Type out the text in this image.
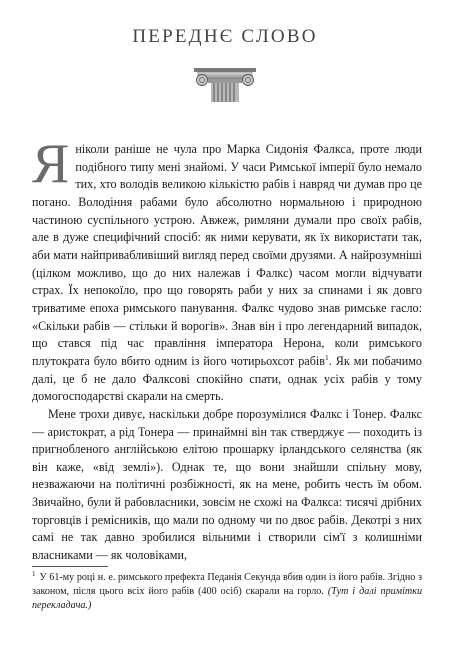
ПЕРЕДНЄ СЛОВО

Яніколи раніше не чула про Марка Сидонія Фалкса, проте люди подібного типу мені знайомі. У часи Римської імперії було немало тих, хто володів великою кількістю рабів і навряд чи думав про це погано. Володіння рабами було абсолютно нормальною і природною частиною суспільного устрою. Авжеж, римляни думали про своїх рабів, але в дуже специфічний спосіб: як ними керувати, як їх використати так, аби мати найпривабливіший вигляд перед своїми друзями. А найрозумніші (цілком можливо, що до них належав і Фалкс) часом могли відчувати страх. Їх непокоїло, про що говорять раби у них за спинами і як довго триватиме епоха римського панування. Фалкс чудово знав римське гасло: «Скільки рабів — стільки й ворогів». Знав він і про легендарний випадок, що стався під час правління імператора Нерона, коли римського плутократа було вбито одним із його чотирьохсот рабів$^1$. Як ми побачимо далі, це б не дало Фалксові спокійно спати, однак усіх рабів у тому домогосподарстві скарали на смерть.

Мене трохи дивує, наскільки добре порозумілися Фалкс і Тонер. Фалкс — аристократ, а рід Тонера — принаймні він так стверджує — походить із пригнобленого англійською елітою прошарку ірландського селянства (як він каже, «від землі»). Однак те, що вони знайшли спільну мову, незважаючи на політичні розбіжності, як на мене, робить честь їм обом. Звичайно, були й рабовласники, зовсім не схожі на Фалкса: тисячі дрібних торговців і ремісників, що мали по одному чи по двоє рабів. Декотрі з них самі не так давно зробилися вільними і створили сім'ї з колишніми власниками — як чоловіками,

$^1$ У 61-му році н. е. римського префекта Педанія Секунда вбив один із його рабів. Згідно з законом, після цього всіх його рабів (400 осіб) скарали на горло. (Тут і далі примітки перекладача.)
